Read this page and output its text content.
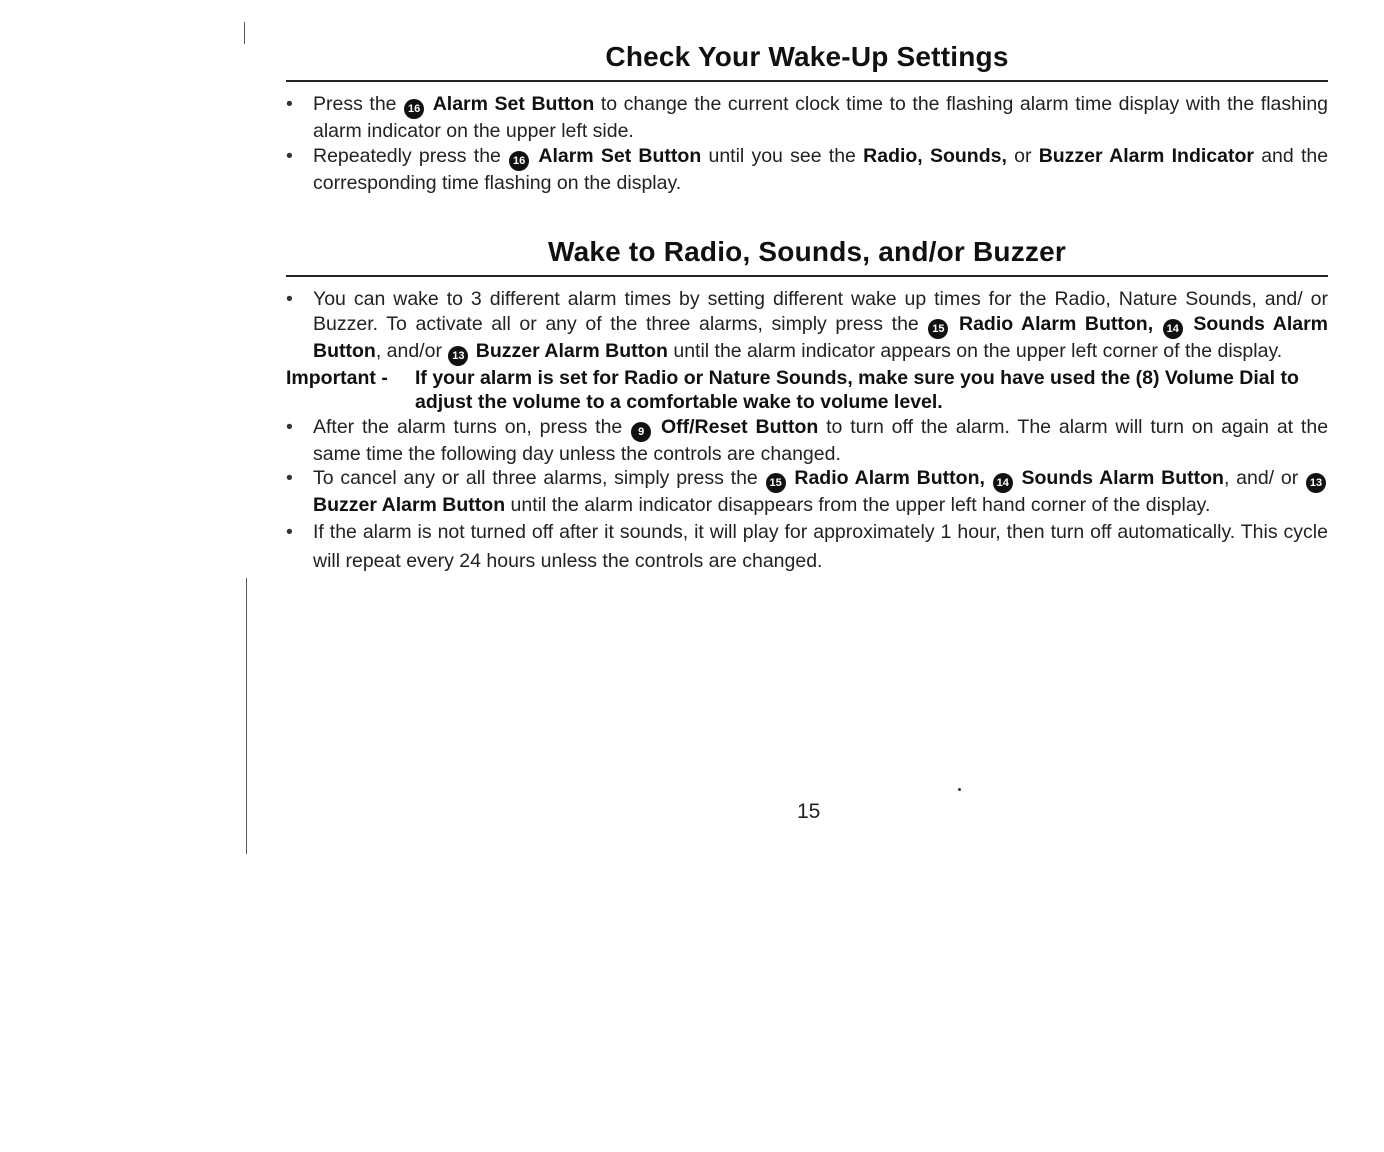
Check Your Wake-Up Settings
• Press the 16 Alarm Set Button to change the current clock time to the flashing alarm time display with the flashing alarm indicator on the upper left side.
• Repeatedly press the 16 Alarm Set Button until you see the Radio, Sounds, or Buzzer Alarm Indicator and the corresponding time flashing on the display.
Wake to Radio, Sounds, and/or Buzzer
• You can wake to 3 different alarm times by setting different wake up times for the Radio, Nature Sounds, and/ or Buzzer. To activate all or any of the three alarms, simply press the 15 Radio Alarm Button, 14 Sounds Alarm Button, and/or 13 Buzzer Alarm Button until the alarm indicator appears on the upper left corner of the display.
Important -	If your alarm is set for Radio or Nature Sounds, make sure you have used the (8) Volume Dial to adjust the volume to a comfortable wake to volume level.
• After the alarm turns on, press the 9 Off/Reset Button to turn off the alarm. The alarm will turn on again at the same time the following day unless the controls are changed.
• To cancel any or all three alarms, simply press the 15 Radio Alarm Button, 14 Sounds Alarm Button, and/ or 13 Buzzer Alarm Button until the alarm indicator disappears from the upper left hand corner of the display.
• If the alarm is not turned off after it sounds, it will play for approximately 1 hour, then turn off automatically. This cycle will repeat every 24 hours unless the controls are changed.
15
